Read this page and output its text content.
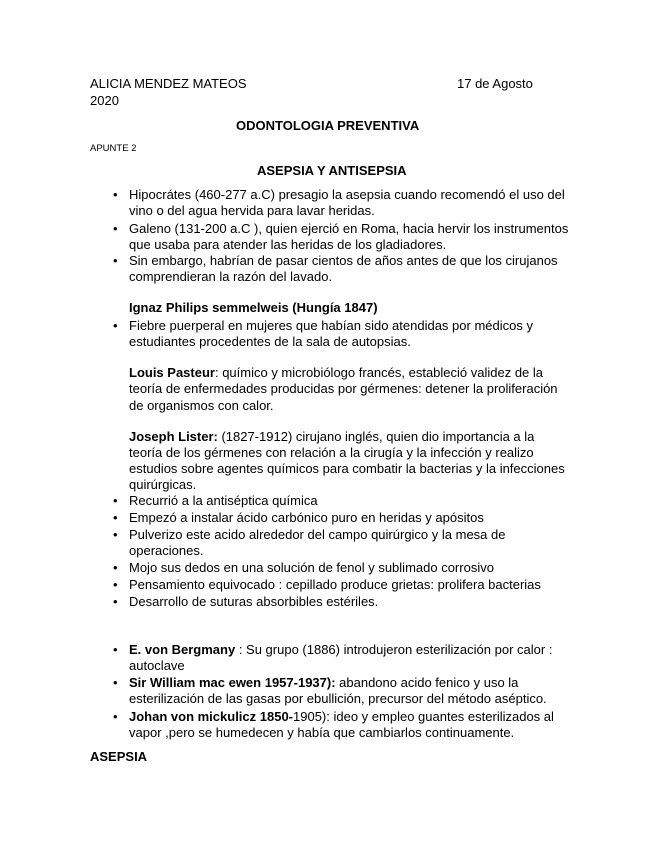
ALICIA MENDEZ MATEOS	17 de Agosto
2020
ODONTOLOGIA PREVENTIVA
APUNTE 2
ASEPSIA Y ANTISEPSIA
• Hipocrátes (460-277 a.C) presagio la asepsia cuando recomendó el uso del
vino o del agua hervida para lavar heridas.
• Galeno (131-200 a.C ), quien ejerció en Roma, hacia hervir los instrumentos
que usaba para atender las heridas de los gladiadores.
• Sin embargo, habrían de pasar cientos de años antes de que los cirujanos
comprendieran la razón del lavado.
Ignaz Philips semmelweis (Hungía 1847)
• Fiebre puerperal en mujeres que habían sido atendidas por médicos y
estudiantes procedentes de la sala de autopsias.
Louis Pasteur: químico y microbiólogo francés, estableció validez de la
teoría de enfermedades producidas por gérmenes: detener la proliferación
de organismos con calor.
Joseph Lister: (1827-1912) cirujano inglés, quien dio importancia a la
teoría de los gérmenes con relación a la cirugía y la infección y realizo
estudios sobre agentes químicos para combatir la bacterias y la infecciones
quirúrgicas.
• Recurrió a la antiséptica química
• Empezó a instalar ácido carbónico puro en heridas y apósitos
• Pulverizo este acido alrededor del campo quirúrgico y la mesa de
operaciones.
• Mojo sus dedos en una solución de fenol y sublimado corrosivo
• Pensamiento equivocado : cepillado produce grietas: prolifera bacterias
• Desarrollo de suturas absorbibles estériles.
• E. von Bergmany : Su grupo (1886) introdujeron esterilización por calor :
autoclave
• Sir William mac ewen 1957-1937): abandono acido fenico y uso la
esterilización de las gasas por ebullición, precursor del método aséptico.
• Johan von mickulicz 1850-1905): ideo y empleo guantes esterilizados al
vapor ,pero se humedecen y había que cambiarlos continuamente.
ASEPSIA
